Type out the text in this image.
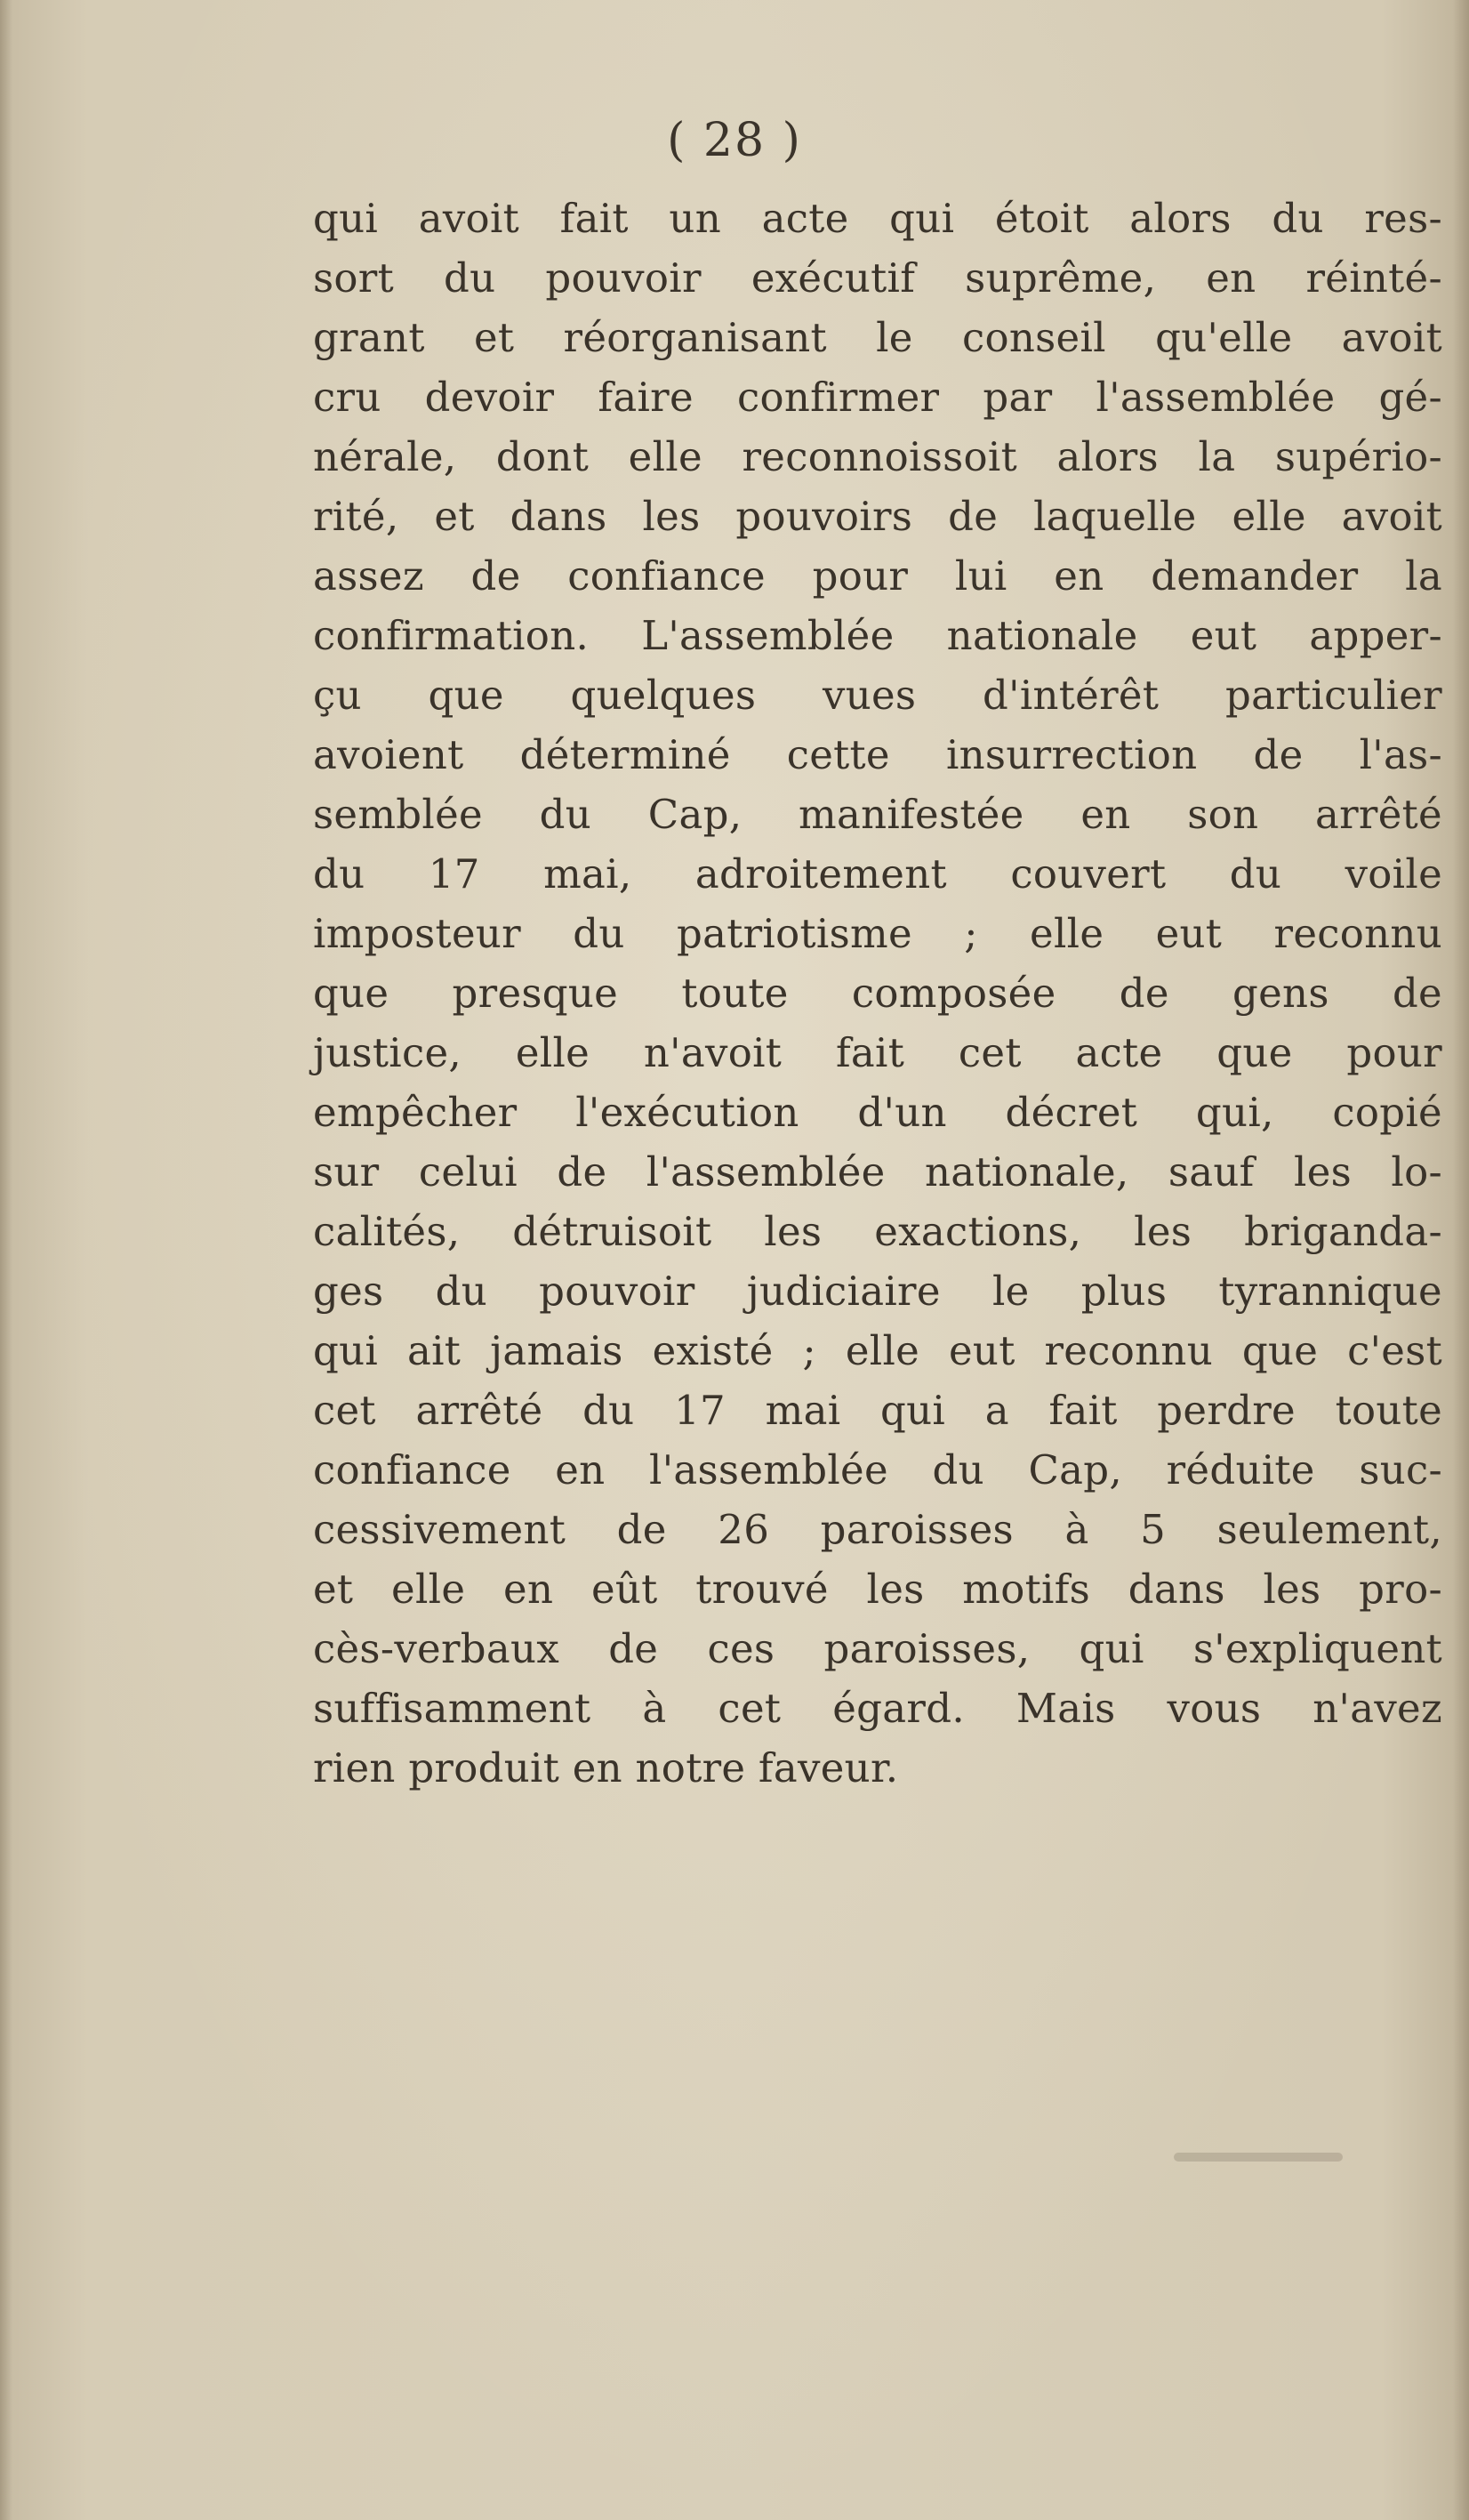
( 28 )
qui avoit fait un acte qui étoit alors du res-
sort du pouvoir exécutif suprême, en réinté-
grant et réorganisant le conseil qu'elle avoit
cru devoir faire confirmer par l'assemblée gé-
nérale, dont elle reconnoissoit alors la supério-
rité, et dans les pouvoirs de laquelle elle avoit
assez de confiance pour lui en demander la
confirmation. L'assemblée nationale eut apper-
çu que quelques vues d'intérêt particulier
avoient déterminé cette insurrection de l'as-
semblée du Cap, manifestée en son arrêté
du 17 mai, adroitement couvert du voile
imposteur du patriotisme ; elle eut reconnu
que presque toute composée de gens de
justice, elle n'avoit fait cet acte que pour
empêcher l'exécution d'un décret qui, copié
sur celui de l'assemblée nationale, sauf les lo-
calités, détruisoit les exactions, les briganda-
ges du pouvoir judiciaire le plus tyrannique
qui ait jamais existé ; elle eut reconnu que c'est
cet arrêté du 17 mai qui a fait perdre toute
confiance en l'assemblée du Cap, réduite suc-
cessivement de 26 paroisses à 5 seulement,
et elle en eût trouvé les motifs dans les pro-
cès-verbaux de ces paroisses, qui s'expliquent
suffisamment à cet égard. Mais vous n'avez
rien produit en notre faveur.
